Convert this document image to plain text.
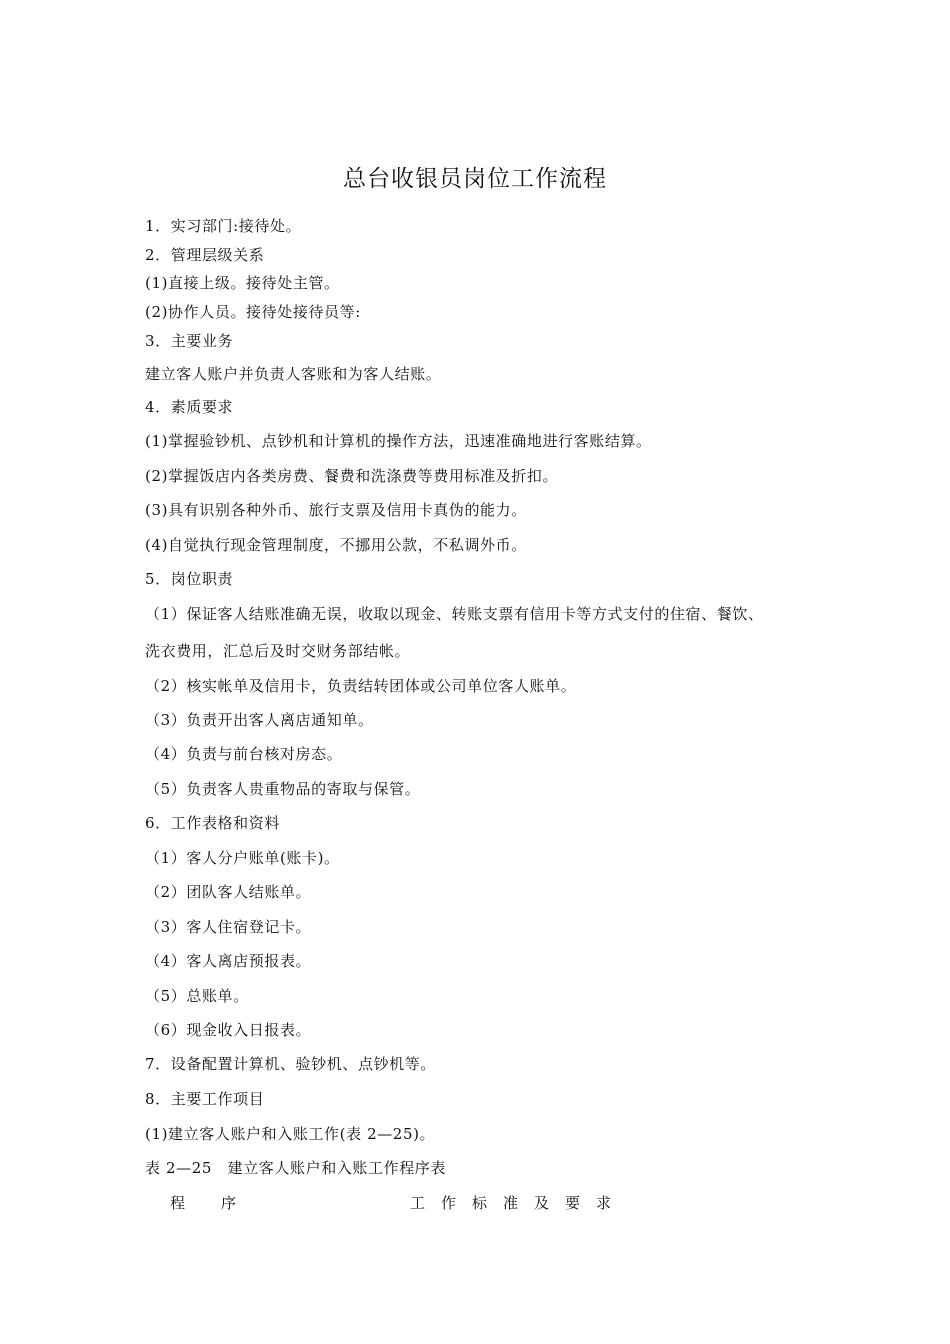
总台收银员岗位工作流程
1．实习部门:接待处。
2．管理层级关系
(1)直接上级。接待处主管。
(2)协作人员。接待处接待员等:
3．主要业务
建立客人账户并负责人客账和为客人结账。
4．素质要求
(1)掌握验钞机、点钞机和计算机的操作方法，迅速准确地进行客账结算。
(2)掌握饭店内各类房费、餐费和洗涤费等费用标准及折扣。
(3)具有识别各种外币、旅行支票及信用卡真伪的能力。
(4)自觉执行现金管理制度，不挪用公款，不私调外币。
5．岗位职责
（1）保证客人结账准确无误，收取以现金、转账支票有信用卡等方式支付的住宿、餐饮、
洗衣费用，汇总后及时交财务部结帐。
（2）核实帐单及信用卡，负责结转团体或公司单位客人账单。
（3）负责开出客人离店通知单。
（4）负责与前台核对房态。
（5）负责客人贵重物品的寄取与保管。
6．工作表格和资料
（1）客人分户账单(账卡)。
（2）团队客人结账单。
（3）客人住宿登记卡。
（4）客人离店预报表。
（5）总账单。
（6）现金收入日报表。
7．设备配置计算机、验钞机、点钞机等。
8．主要工作项目
(1)建立客人账户和入账工作(表 2—25)。
表 2—25　建立客人账户和入账工作程序表
程序	工作标准及要求
